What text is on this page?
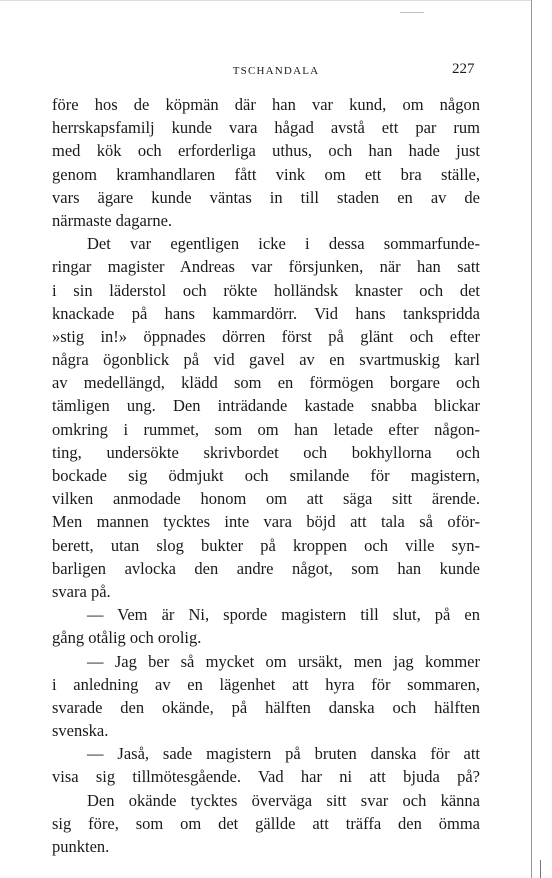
TSCHANDALA	227
före hos de köpmän där han var kund, om någon
herrskapsfamilj kunde vara hågad avstå ett par rum
med kök och erforderliga uthus, och han hade just
genom kramhandlaren fått vink om ett bra ställe,
vars ägare kunde väntas in till staden en av de
närmaste dagarne.
Det var egentligen icke i dessa sommarfunde-
ringar magister Andreas var försjunken, när han satt
i sin läderstol och rökte holländsk knaster och det
knackade på hans kammardörr. Vid hans tankspridda
»stig in!» öppnades dörren först på glänt och efter
några ögonblick på vid gavel av en svartmuskig karl
av medellängd, klädd som en förmögen borgare och
tämligen ung. Den inträdande kastade snabba blickar
omkring i rummet, som om han letade efter någon-
ting, undersökte skrivbordet och bokhyllorna och
bockade sig ödmjukt och smilande för magistern,
vilken anmodade honom om att säga sitt ärende.
Men mannen tycktes inte vara böjd att tala så oför-
berett, utan slog bukter på kroppen och ville syn-
barligen avlocka den andre något, som han kunde
svara på.
— Vem är Ni, sporde magistern till slut, på en
gång otålig och orolig.
— Jag ber så mycket om ursäkt, men jag kommer
i anledning av en lägenhet att hyra för sommaren,
svarade den okände, på hälften danska och hälften
svenska.
— Jaså, sade magistern på bruten danska för att
visa sig tillmötesgående. Vad har ni att bjuda på?
Den okände tycktes överväga sitt svar och känna
sig före, som om det gällde att träffa den ömma
punkten.
